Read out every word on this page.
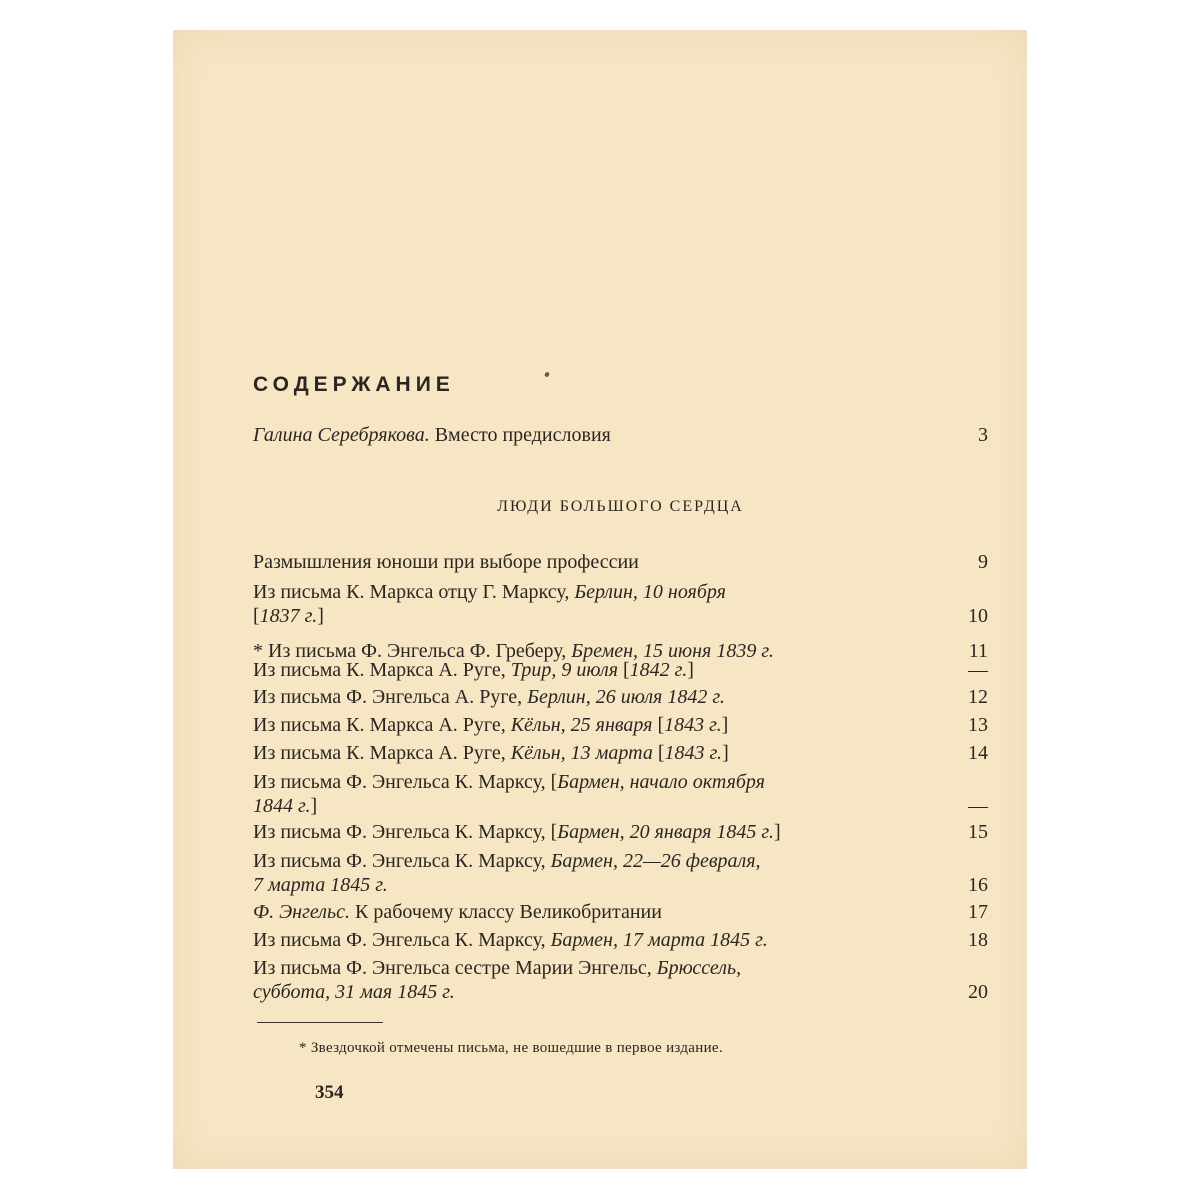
СОДЕРЖАНИЕ
Галина Серебрякова. Вместо предисловия	3
ЛЮДИ БОЛЬШОГО СЕРДЦА
Размышления юноши при выборе профессии	9
Из письма К. Маркса отцу Г. Марксу, Берлин, 10 ноября
[1837 г.]	10
* Из письма Ф. Энгельса Ф. Греберу, Бремен, 15 июня 1839 г.	11
Из письма К. Маркса А. Руге, Трир, 9 июля [1842 г.]	—
Из письма Ф. Энгельса А. Руге, Берлин, 26 июля 1842 г.	12
Из письма К. Маркса А. Руге, Кёльн, 25 января [1843 г.]	13
Из письма К. Маркса А. Руге, Кёльн, 13 марта [1843 г.]	14
Из письма Ф. Энгельса К. Марксу, [Бармен, начало октября
1844 г.]	—
Из письма Ф. Энгельса К. Марксу, [Бармен, 20 января 1845 г.]	15
Из письма Ф. Энгельса К. Марксу, Бармен, 22—26 февраля,
7 марта 1845 г.	16
Ф. Энгельс. К рабочему классу Великобритании	17
Из письма Ф. Энгельса К. Марксу, Бармен, 17 марта 1845 г.	18
Из письма Ф. Энгельса сестре Марии Энгельс, Брюссель,
суббота, 31 мая 1845 г.	20
* Звездочкой отмечены письма, не вошедшие в первое издание.
354
